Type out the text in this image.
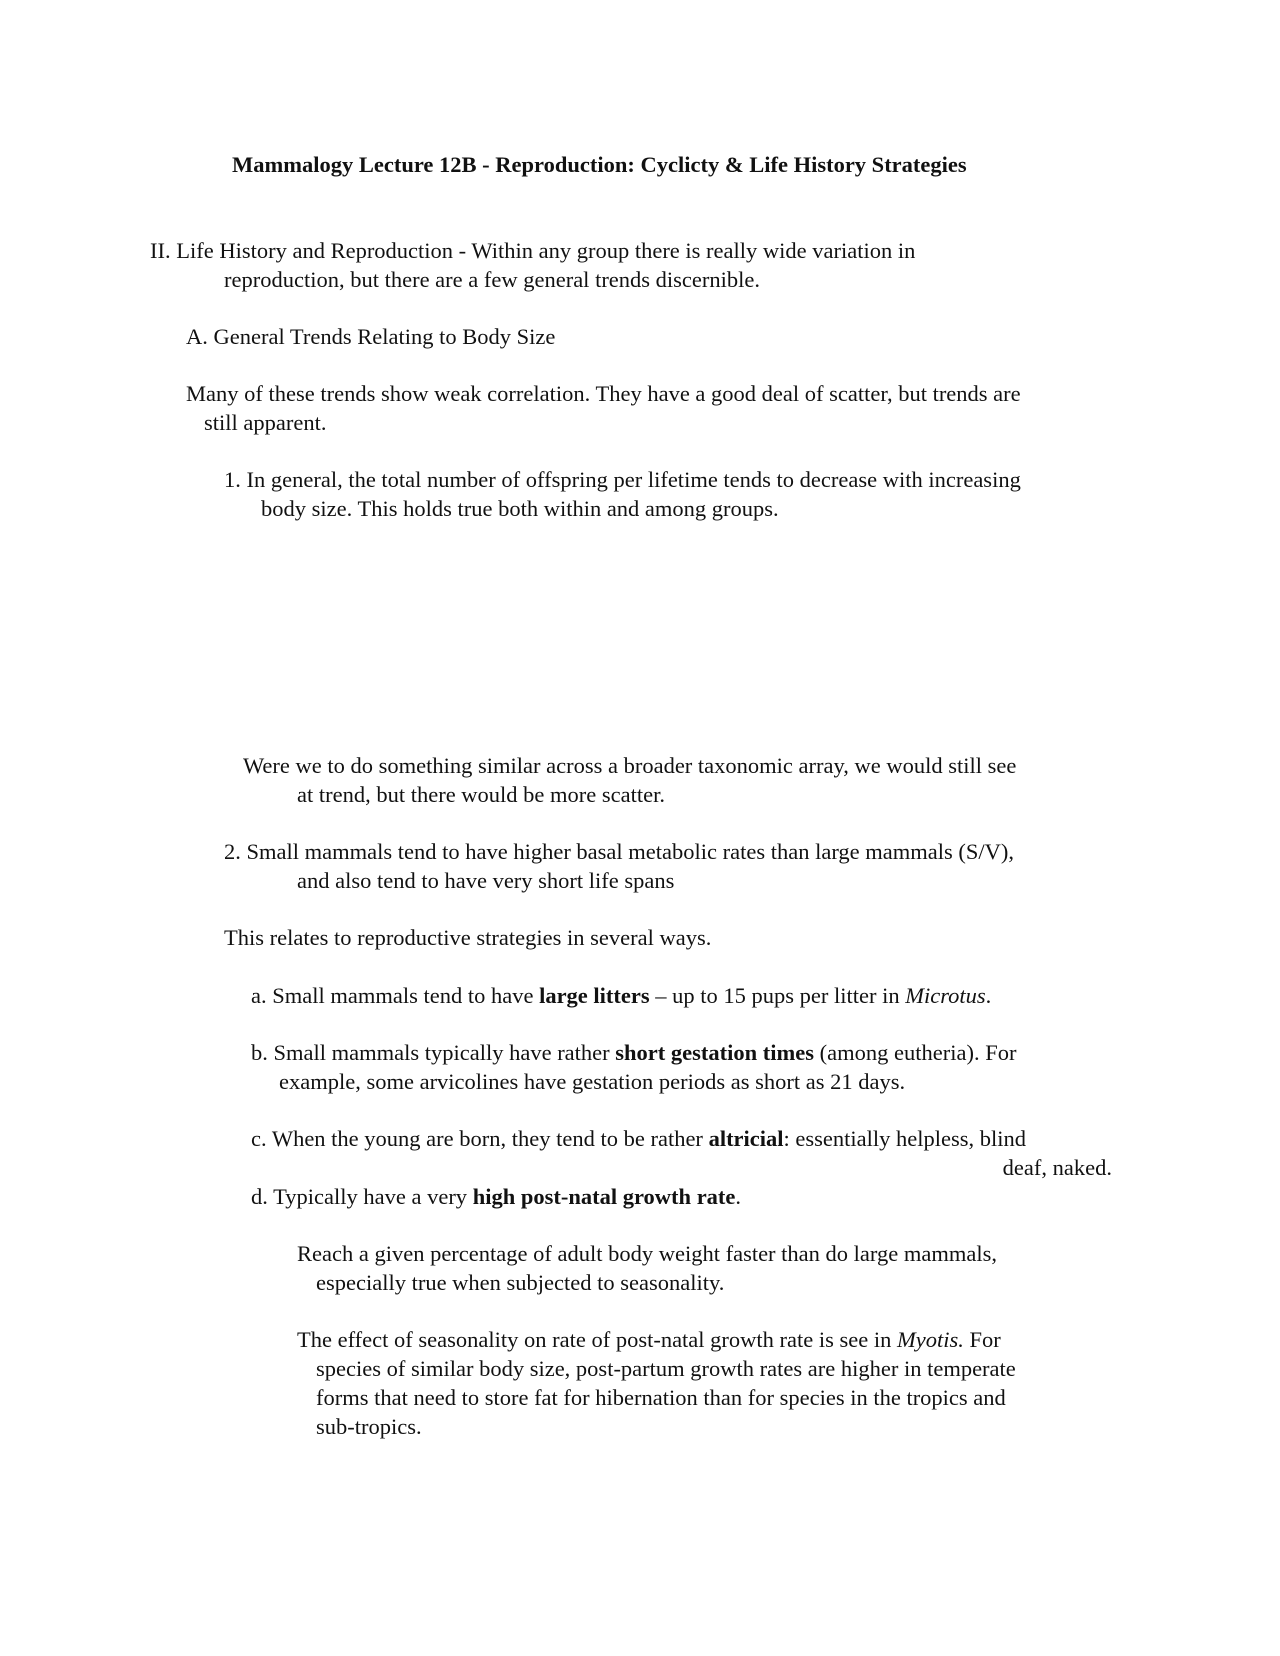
Mammalogy Lecture 12B - Reproduction: Cyclicty & Life History Strategies
II. Life History and Reproduction - Within any group there is really wide variation in
reproduction, but there are a few general trends discernible.
A. General Trends Relating to Body Size
Many of these trends show weak correlation. They have a good deal of scatter, but trends are
still apparent.
1. In general, the total number of offspring per lifetime tends to decrease with increasing
body size. This holds true both within and among groups.
Were we to do something similar across a broader taxonomic array, we would still see
at trend, but there would be more scatter.
2. Small mammals tend to have higher basal metabolic rates than large mammals (S/V),
and also tend to have very short life spans
This relates to reproductive strategies in several ways.
a. Small mammals tend to have large litters – up to 15 pups per litter in Microtus.
b. Small mammals typically have rather short gestation times (among eutheria). For
example, some arvicolines have gestation periods as short as 21 days.
c. When the young are born, they tend to be rather altricial: essentially helpless, blind
deaf, naked.
d. Typically have a very high post-natal growth rate.
Reach a given percentage of adult body weight faster than do large mammals,
especially true when subjected to seasonality.
The effect of seasonality on rate of post-natal growth rate is see in Myotis. For
species of similar body size, post-partum growth rates are higher in temperate
forms that need to store fat for hibernation than for species in the tropics and
sub-tropics.
